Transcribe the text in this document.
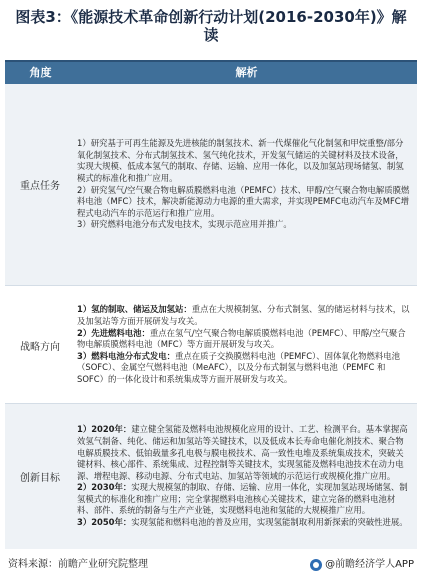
图表3：《能源技术革命创新行动计划(2016-2030年)》解读
角度	解析
重点任务

1）研究基于可再生能源及先进核能的制氢技术、新一代煤催化气化制氢和甲烷重整/部分氧化制氢技术、分布式制氢技术、氢气纯化技术，开发氢气储运的关键材料及技术设备，实现大规模、低成本氢气的制取、存储、运输、应用一体化，以及加氢站现场储氢、制氢模式的标准化和推广应用。

2）研究氢气/空气聚合物电解质膜燃料电池（PEMFC）技术、甲醇/空气聚合物电解质膜燃料电池（MFC）技术，解决新能源动力电源的重大需求，并实现PEMFC电动汽车及MFC增程式电动汽车的示范运行和推广应用。

3）研究燃料电池分布式发电技术，实现示范应用并推广。

战略方向

1）氢的制取、储运及加氢站：重点在大规模制氢、分布式制氢、氢的储运材料与技术，以及加氢站等方面开展研发与攻关。

2）先进燃料电池：重点在氢气/空气聚合物电解质膜燃料电池（PEMFC）、甲醇/空气聚合物电解质膜燃料电池（MFC）等方面开展研发与攻关。

3）燃料电池分布式发电：重点在质子交换膜燃料电池（PEMFC）、固体氧化物燃料电池（SOFC）、金属空气燃料电池（MeAFC），以及分布式制氢与燃料电池（PEMFC 和 SOFC）的一体化设计和系统集成等方面开展研发与攻关。

创新目标

1）2020年：建立健全氢能及燃料电池规模化应用的设计、工艺、检测平台。基本掌握高效氢气制备、纯化、储运和加氢站等关键技术，以及低成本长寿命电催化剂技术、聚合物电解质膜技术、低铂载量多孔电极与膜电极技术、高一致性电堆及系统集成技术，突破关键材料、核心部件、系统集成、过程控制等关键技术，实现氢能及燃料电池技术在动力电源、增程电源、移动电源、分布式电站、加氢站等领域的示范运行或规模化推广应用。

2）2030年：实现大规模氢的制取、存储、运输、应用一体化，实现加氢站现场储氢、制氢模式的标准化和推广应用；完全掌握燃料电池核心关键技术，建立完备的燃料电池材料、部件、系统的制备与生产产业链，实现燃料电池和氢能的大规模推广应用。

3）2050年：实现氢能和燃料电池的普及应用，实现氢能制取利用新探索的突破性进展。

资料来源：前瞻产业研究院整理	@前瞻经济学人APP
